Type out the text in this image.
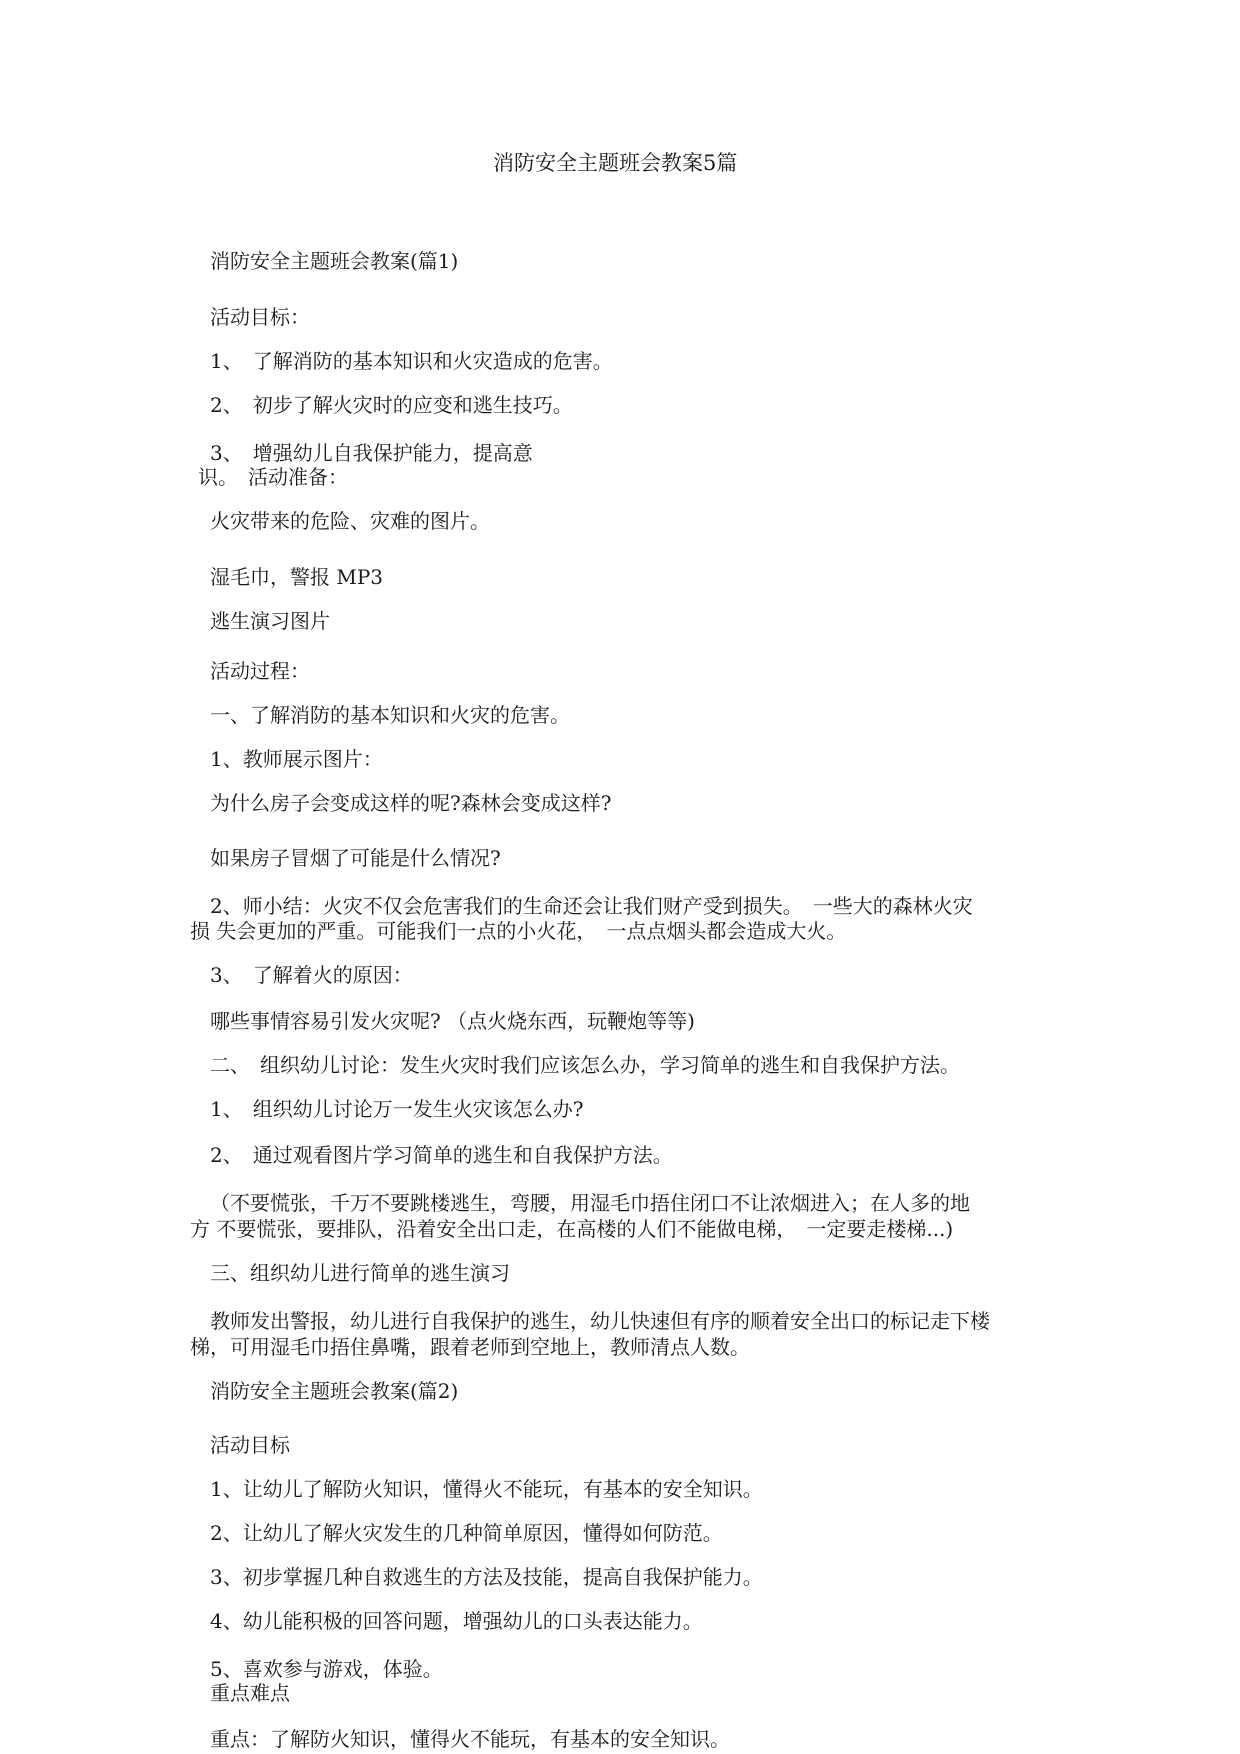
消防安全主题班会教案5篇

消防安全主题班会教案(篇1)

活动目标：

1、　了解消防的基本知识和火灾造成的危害。

2、　初步了解火灾时的应变和逃生技巧。

3、　增强幼儿自我保护能力，提高意

识。　活动准备：

火灾带来的危险、灾难的图片。

湿毛巾，警报 MP3

逃生演习图片

活动过程：

一、了解消防的基本知识和火灾的危害。

1、教师展示图片：

为什么房子会变成这样的呢?森林会变成这样?

如果房子冒烟了可能是什么情况?

2、师小结：火灾不仅会危害我们的生命还会让我们财产受到损失。　一些大的森林火灾

损 失会更加的严重。可能我们一点的小火花，　一点点烟头都会造成大火。

3、　了解着火的原因：

哪些事情容易引发火灾呢? （点火烧东西，玩鞭炮等等)

二、　组织幼儿讨论：发生火灾时我们应该怎么办，学习简单的逃生和自我保护方法。

1、　组织幼儿讨论万一发生火灾该怎么办?

2、　通过观看图片学习简单的逃生和自我保护方法。

（不要慌张，千万不要跳楼逃生，弯腰，用湿毛巾捂住闭口不让浓烟进入；在人多的地

方 不要慌张，要排队，沿着安全出口走，在高楼的人们不能做电梯，　一定要走楼梯...)

三、组织幼儿进行简单的逃生演习

教师发出警报，幼儿进行自我保护的逃生，幼儿快速但有序的顺着安全出口的标记走下楼

梯，可用湿毛巾捂住鼻嘴，跟着老师到空地上，教师清点人数。

消防安全主题班会教案(篇2)

活动目标

1、让幼儿了解防火知识，懂得火不能玩，有基本的安全知识。

2、让幼儿了解火灾发生的几种简单原因，懂得如何防范。

3、初步掌握几种自救逃生的方法及技能，提高自我保护能力。

4、幼儿能积极的回答问题，增强幼儿的口头表达能力。

5、喜欢参与游戏，体验。

重点难点

重点：了解防火知识，懂得火不能玩，有基本的安全知识。
